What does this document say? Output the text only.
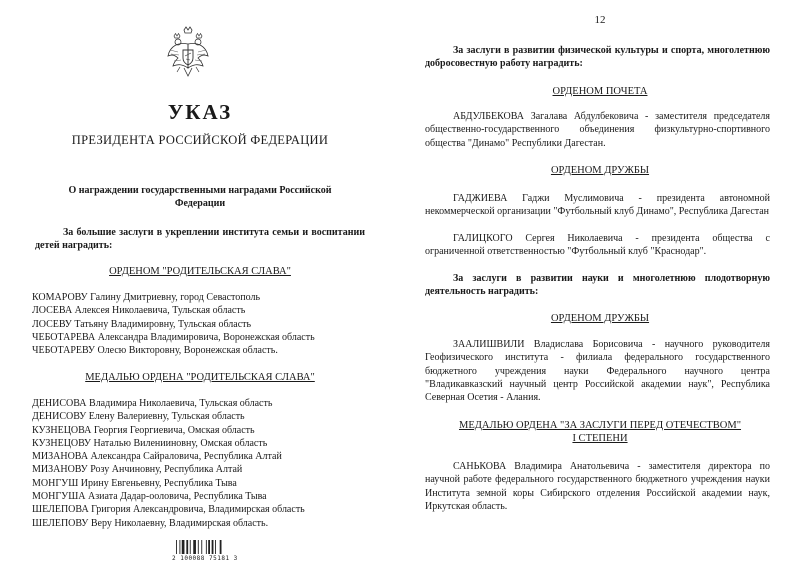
УКАЗ
ПРЕЗИДЕНТА РОССИЙСКОЙ ФЕДЕРАЦИИ
О награждении государственными наградами Российской Федерации
За большие заслуги в укреплении института семьи и воспитании детей наградить:
ОРДЕНОМ "РОДИТЕЛЬСКАЯ СЛАВА"
КОМАРОВУ Галину Дмитриевну, город Севастополь
ЛОСЕВА Алексея Николаевича, Тульская область
ЛОСЕВУ Татьяну Владимировну, Тульская область
ЧЕБОТАРЕВА Александра Владимировича, Воронежская область
ЧЕБОТАРЕВУ Олесю Викторовну, Воронежская область.
МЕДАЛЬЮ ОРДЕНА "РОДИТЕЛЬСКАЯ СЛАВА"
ДЕНИСОВА Владимира Николаевича, Тульская область
ДЕНИСОВУ Елену Валериевну, Тульская область
КУЗНЕЦОВА Георгия Георгиевича, Омская область
КУЗНЕЦОВУ Наталью Виленииновну, Омская область
МИЗАНОВА Александра Сайраловича, Республика Алтай
МИЗАНОВУ Розу Анчиновну, Республика Алтай
МОНГУШ Ирину Евгеньевну, Республика Тыва
МОНГУША Азиата Дадар-ооловича, Республика Тыва
ШЕЛЕПОВА Григория Александровича, Владимирская область
ШЕЛЕПОВУ Веру Николаевну, Владимирская область.
2 100088 75181 3
12
За заслуги в развитии физической культуры и спорта, многолетнюю добросовестную работу наградить:
ОРДЕНОМ ПОЧЕТА
АБДУЛБЕКОВА Загалава Абдулбековича - заместителя председателя общественно-государственного объединения физкультурно-спортивного общества "Динамо" Республики Дагестан.
ОРДЕНОМ ДРУЖБЫ
ГАДЖИЕВА Гаджи Муслимовича - президента автономной некоммерческой организации "Футбольный клуб Динамо", Республика Дагестан
ГАЛИЦКОГО Сергея Николаевича - президента общества с ограниченной ответственностью "Футбольный клуб "Краснодар".
За заслуги в развитии науки и многолетнюю плодотворную деятельность наградить:
ОРДЕНОМ ДРУЖБЫ
ЗААЛИШВИЛИ Владислава Борисовича - научного руководителя Геофизического института - филиала федерального государственного бюджетного учреждения науки Федерального научного центра "Владикавказский научный центр Российской академии наук", Республика Северная Осетия - Алания.
МЕДАЛЬЮ ОРДЕНА "ЗА ЗАСЛУГИ ПЕРЕД ОТЕЧЕСТВОМ"
I СТЕПЕНИ
САНЬКОВА Владимира Анатольевича - заместителя директора по научной работе федерального государственного бюджетного учреждения науки Института земной коры Сибирского отделения Российской академии наук, Иркутская область.
